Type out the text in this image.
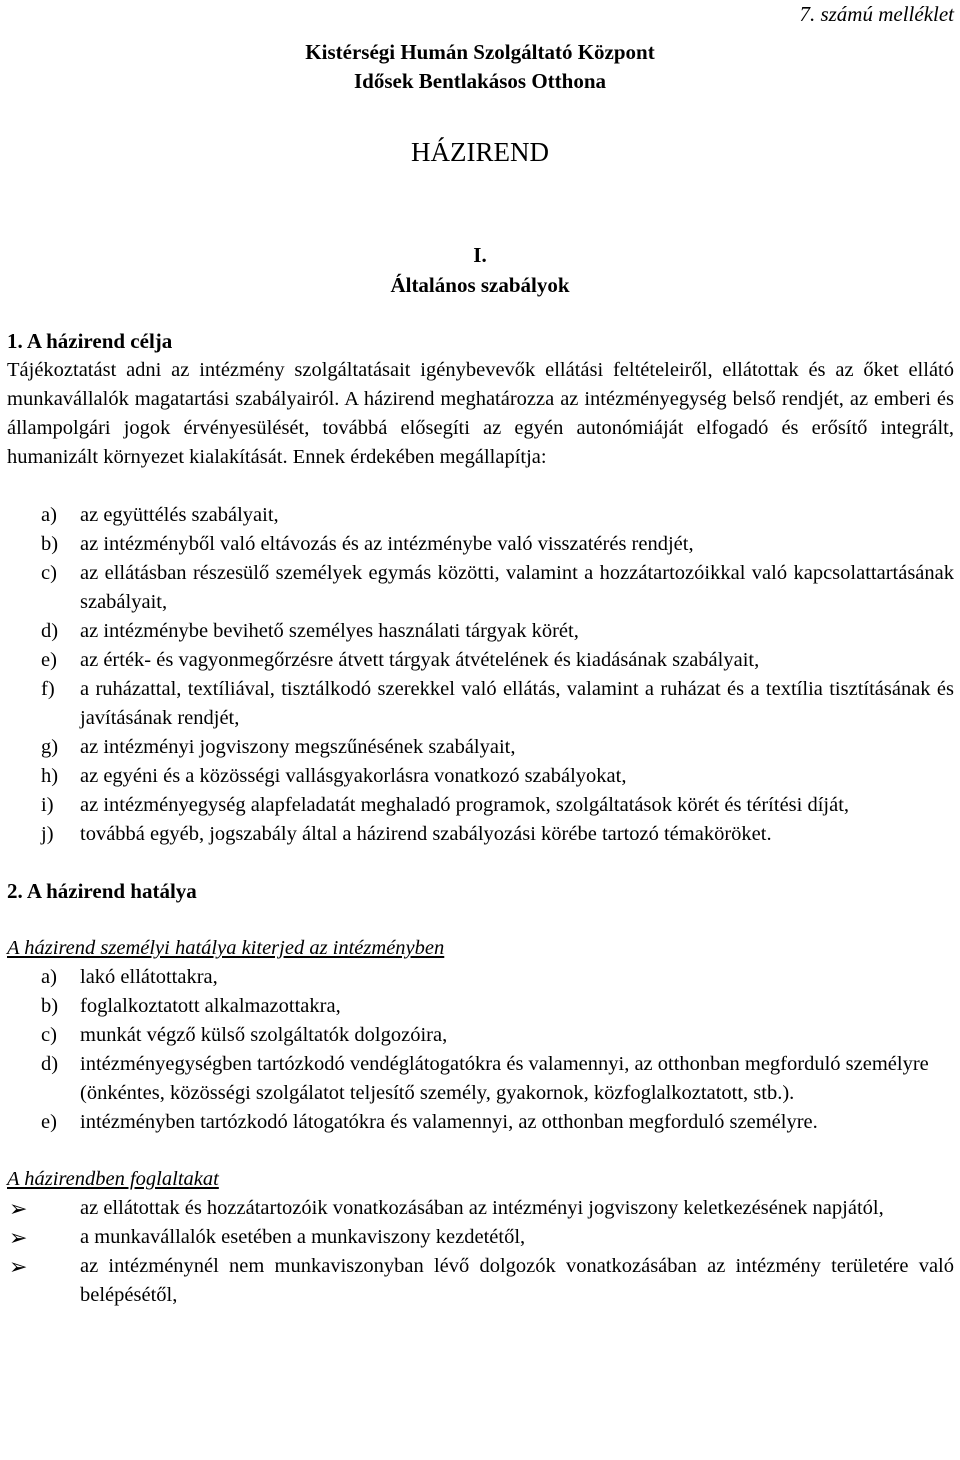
7. számú melléklet
Kistérségi Humán Szolgáltató Központ
Idősek Bentlakásos Otthona
HÁZIREND
I.
Általános szabályok
1. A házirend célja

Tájékoztatást adni az intézmény szolgáltatásait igénybevevők ellátási feltételeiről, ellátottak és az őket ellátó munkavállalók magatartási szabályairól. A házirend meghatározza az intézményegység belső rendjét, az emberi és állampolgári jogok érvényesülését, továbbá elősegíti az egyén autonómiáját elfogadó és erősítő integrált, humanizált környezet kialakítását. Ennek érdekében megállapítja:

a) az együttélés szabályait,
b) az intézményből való eltávozás és az intézménybe való visszatérés rendjét,
c) az ellátásban részesülő személyek egymás közötti, valamint a hozzátartozóikkal való kapcsolattartásának szabályait,
d) az intézménybe bevihető személyes használati tárgyak körét,
e) az érték- és vagyonmegőrzésre átvett tárgyak átvételének és kiadásának szabályait,
f) a ruházattal, textíliával, tisztálkodó szerekkel való ellátás, valamint a ruházat és a textília tisztításának és javításának rendjét,
g) az intézményi jogviszony megszűnésének szabályait,
h) az egyéni és a közösségi vallásgyakorlásra vonatkozó szabályokat,
i) az intézményegység alapfeladatát meghaladó programok, szolgáltatások körét és térítési díját,
j) továbbá egyéb, jogszabály által a házirend szabályozási körébe tartozó témaköröket.
2. A házirend hatálya
A házirend személyi hatálya kiterjed az intézményben
a) lakó ellátottakra,
b) foglalkoztatott alkalmazottakra,
c) munkát végző külső szolgáltatók dolgozóira,
d) intézményegységben tartózkodó vendéglátogatókra és valamennyi, az otthonban megforduló személyre (önkéntes, közösségi szolgálatot teljesítő személy, gyakornok, közfoglalkoztatott, stb.).
e) intézményben tartózkodó látogatókra és valamennyi, az otthonban megforduló személyre.
A házirendben foglaltakat
➢	az ellátottak és hozzátartozóik vonatkozásában az intézményi jogviszony keletkezésének napjától,
➢	a munkavállalók esetében a munkaviszony kezdetétől,
➢	az intézménynél nem munkaviszonyban lévő dolgozók vonatkozásában az intézmény területére való belépésétől,
